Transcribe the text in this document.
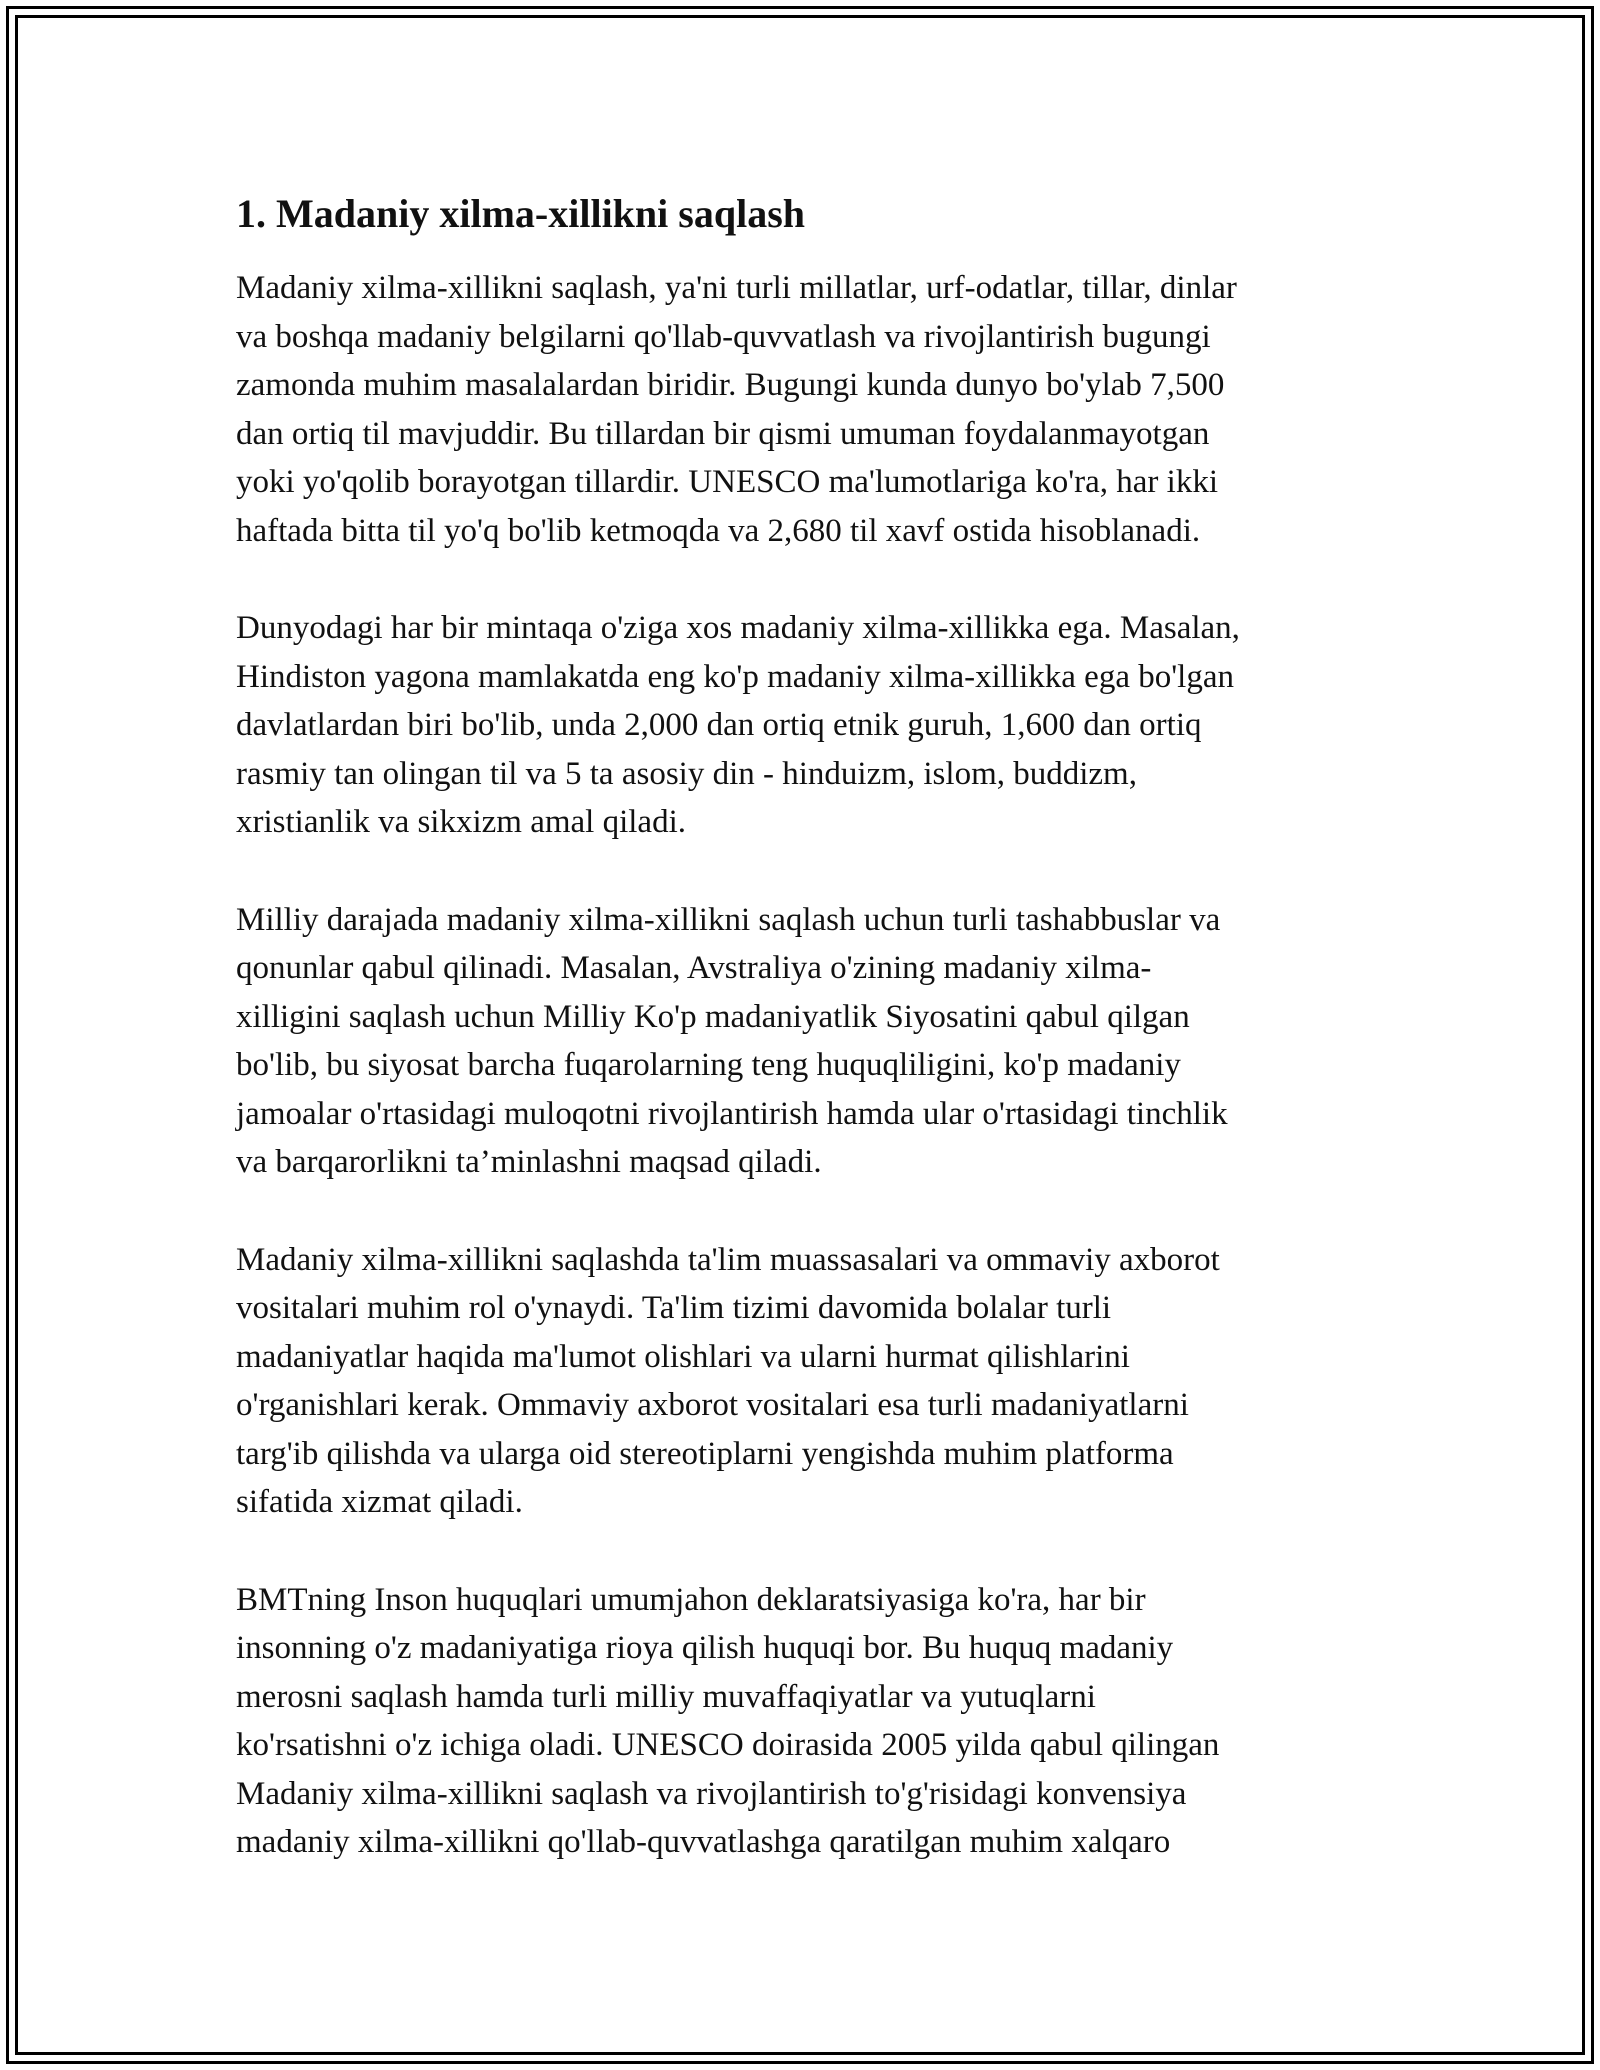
1. Madaniy xilma-xillikni saqlash

Madaniy xilma-xillikni saqlash, ya'ni turli millatlar, urf-odatlar, tillar, dinlar
va boshqa madaniy belgilarni qo'llab-quvvatlash va rivojlantirish bugungi
zamonda muhim masalalardan biridir. Bugungi kunda dunyo bo'ylab 7,500
dan ortiq til mavjuddir. Bu tillardan bir qismi umuman foydalanmayotgan
yoki yo'qolib borayotgan tillardir. UNESCO ma'lumotlariga ko'ra, har ikki
haftada bitta til yo'q bo'lib ketmoqda va 2,680 til xavf ostida hisoblanadi.

Dunyodagi har bir mintaqa o'ziga xos madaniy xilma-xillikka ega. Masalan,
Hindiston yagona mamlakatda eng ko'p madaniy xilma-xillikka ega bo'lgan
davlatlardan biri bo'lib, unda 2,000 dan ortiq etnik guruh, 1,600 dan ortiq
rasmiy tan olingan til va 5 ta asosiy din - hinduizm, islom, buddizm,
xristianlik va sikxizm amal qiladi.

Milliy darajada madaniy xilma-xillikni saqlash uchun turli tashabbuslar va
qonunlar qabul qilinadi. Masalan, Avstraliya o'zining madaniy xilma-
xilligini saqlash uchun Milliy Ko'p madaniyatlik Siyosatini qabul qilgan
bo'lib, bu siyosat barcha fuqarolarning teng huquqliligini, ko'p madaniy
jamoalar o'rtasidagi muloqotni rivojlantirish hamda ular o'rtasidagi tinchlik
va barqarorlikni ta’minlashni maqsad qiladi.

Madaniy xilma-xillikni saqlashda ta'lim muassasalari va ommaviy axborot
vositalari muhim rol o'ynaydi. Ta'lim tizimi davomida bolalar turli
madaniyatlar haqida ma'lumot olishlari va ularni hurmat qilishlarini
o'rganishlari kerak. Ommaviy axborot vositalari esa turli madaniyatlarni
targ'ib qilishda va ularga oid stereotiplarni yengishda muhim platforma
sifatida xizmat qiladi.

BMTning Inson huquqlari umumjahon deklaratsiyasiga ko'ra, har bir
insonning o'z madaniyatiga rioya qilish huquqi bor. Bu huquq madaniy
merosni saqlash hamda turli milliy muvaffaqiyatlar va yutuqlarni
ko'rsatishni o'z ichiga oladi. UNESCO doirasida 2005 yilda qabul qilingan
Madaniy xilma-xillikni saqlash va rivojlantirish to'g'risidagi konvensiya
madaniy xilma-xillikni qo'llab-quvvatlashga qaratilgan muhim xalqaro
